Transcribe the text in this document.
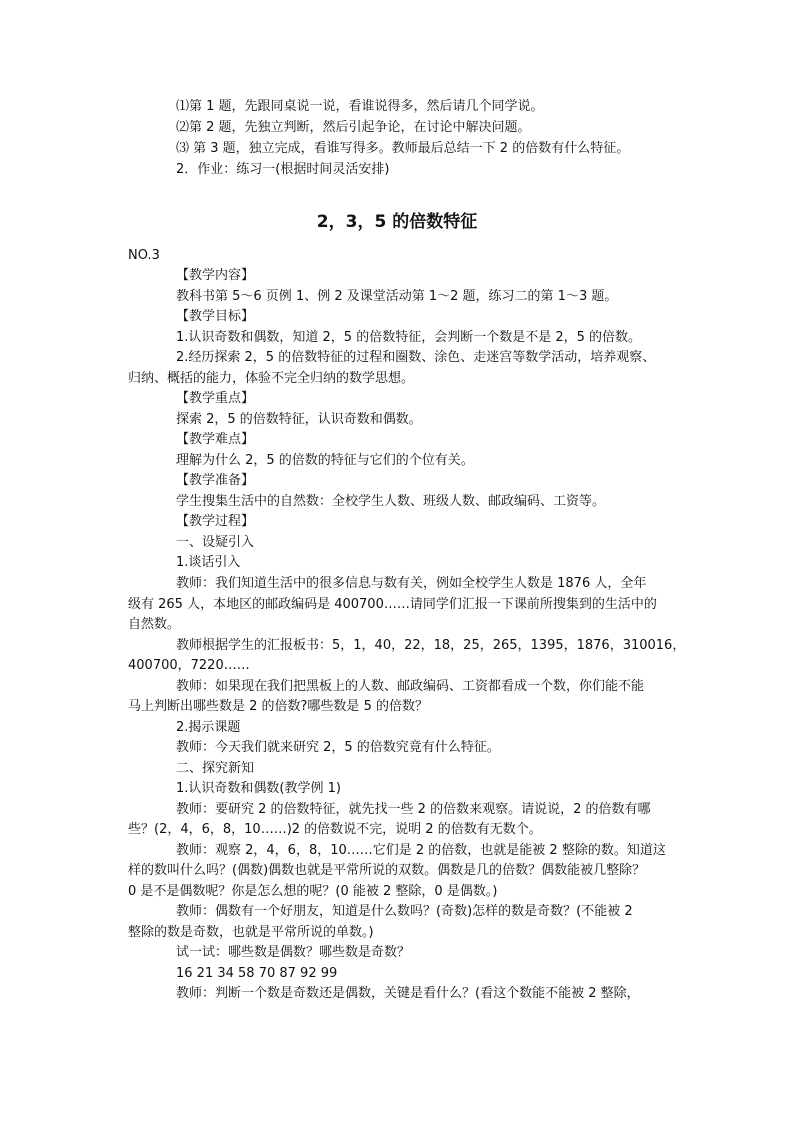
⑴第 1 题，先跟同桌说一说，看谁说得多，然后请几个同学说。
⑵第 2 题，先独立判断，然后引起争论，在讨论中解决问题。
⑶ 第 3 题，独立完成，看谁写得多。教师最后总结一下 2 的倍数有什么特征。
2．作业：练习一(根据时间灵活安排)
2，3，5 的倍数特征
NO.3
【教学内容】
教科书第 5～6 页例 1、例 2 及课堂活动第 1～2 题，练习二的第 1～3 题。
【教学目标】
1.认识奇数和偶数，知道 2，5 的倍数特征，会判断一个数是不是 2，5 的倍数。
2.经历探索 2，5 的倍数特征的过程和圈数、涂色、走迷宫等数学活动，培养观察、
归纳、概括的能力，体验不完全归纳的数学思想。
【教学重点】
探索 2，5 的倍数特征，认识奇数和偶数。
【教学难点】
理解为什么 2，5 的倍数的特征与它们的个位有关。
【教学准备】
学生搜集生活中的自然数：全校学生人数、班级人数、邮政编码、工资等。
【教学过程】
一、设疑引入
1.谈话引入
教师：我们知道生活中的很多信息与数有关，例如全校学生人数是 1876 人，全年
级有 265 人，本地区的邮政编码是 400700……请同学们汇报一下课前所搜集到的生活中的
自然数。
教师根据学生的汇报板书：5，1，40，22，18，25，265，1395，1876，310016，
400700，7220……
教师：如果现在我们把黑板上的人数、邮政编码、工资都看成一个数，你们能不能
马上判断出哪些数是 2 的倍数?哪些数是 5 的倍数？
2.揭示课题
教师：今天我们就来研究 2，5 的倍数究竟有什么特征。
二、探究新知
1.认识奇数和偶数(教学例 1)
教师：要研究 2 的倍数特征，就先找一些 2 的倍数来观察。请说说，2 的倍数有哪
些？(2，4，6，8，10……)2 的倍数说不完，说明 2 的倍数有无数个。
教师：观察 2，4，6，8，10……它们是 2 的倍数，也就是能被 2 整除的数。知道这
样的数叫什么吗？(偶数)偶数也就是平常所说的双数。偶数是几的倍数？偶数能被几整除？
0 是不是偶数呢？你是怎么想的呢？(0 能被 2 整除，0 是偶数。)
教师：偶数有一个好朋友，知道是什么数吗？(奇数)怎样的数是奇数？(不能被 2
整除的数是奇数，也就是平常所说的单数。)
试一试：哪些数是偶数？哪些数是奇数？
16 21 34 58 70 87 92 99
教师：判断一个数是奇数还是偶数，关键是看什么？(看这个数能不能被 2 整除，
